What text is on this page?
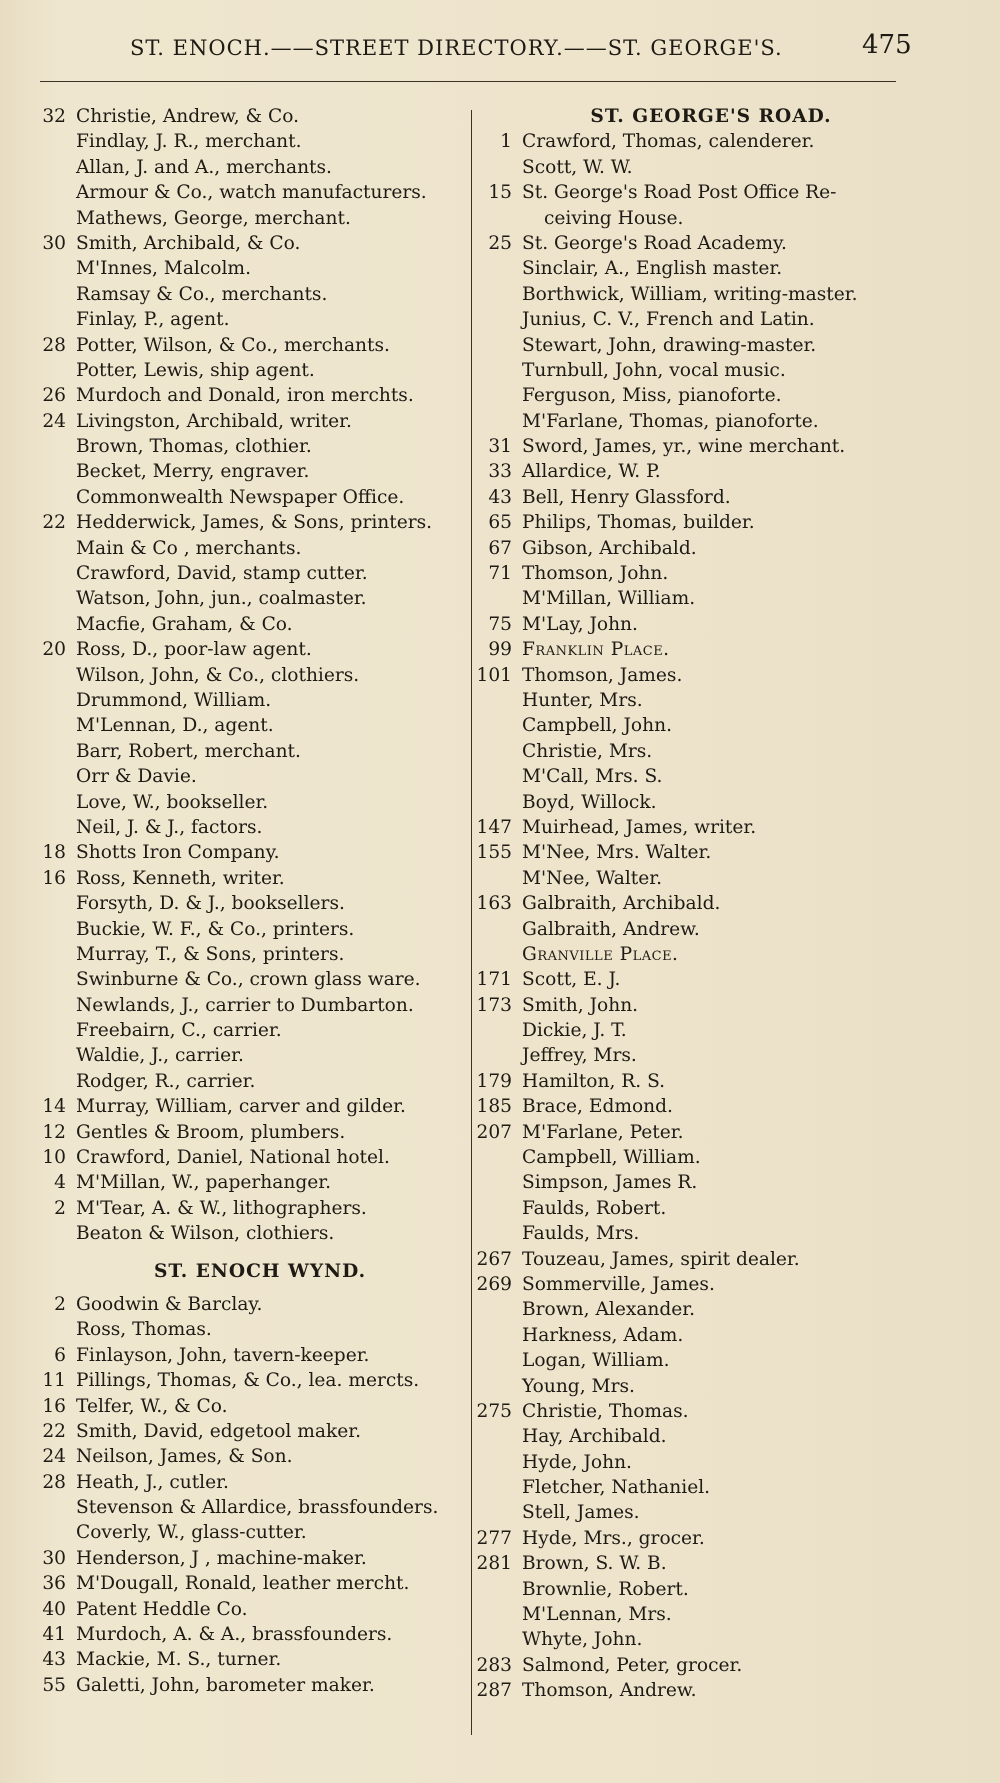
ST. ENOCH.——STREET DIRECTORY.——ST. GEORGE'S.	475
32 Christie, Andrew, & Co.
Findlay, J. R., merchant.
Allan, J. and A., merchants.
Armour & Co., watch manufacturers.
Mathews, George, merchant.
30 Smith, Archibald, & Co.
M'Innes, Malcolm.
Ramsay & Co., merchants.
Finlay, P., agent.
28 Potter, Wilson, & Co., merchants.
Potter, Lewis, ship agent.
26 Murdoch and Donald, iron merchts.
24 Livingston, Archibald, writer.
Brown, Thomas, clothier.
Becket, Merry, engraver.
Commonwealth Newspaper Office.
22 Hedderwick, James, & Sons, printers.
Main & Co , merchants.
Crawford, David, stamp cutter.
Watson, John, jun., coalmaster.
Macfie, Graham, & Co.
20 Ross, D., poor-law agent.
Wilson, John, & Co., clothiers.
Drummond, William.
M'Lennan, D., agent.
Barr, Robert, merchant.
Orr & Davie.
Love, W., bookseller.
Neil, J. & J., factors.
18 Shotts Iron Company.
16 Ross, Kenneth, writer.
Forsyth, D. & J., booksellers.
Buckie, W. F., & Co., printers.
Murray, T., & Sons, printers.
Swinburne & Co., crown glass ware.
Newlands, J., carrier to Dumbarton.
Freebairn, C., carrier.
Waldie, J., carrier.
Rodger, R., carrier.
14 Murray, William, carver and gilder.
12 Gentles & Broom, plumbers.
10 Crawford, Daniel, National hotel.
4 M'Millan, W., paperhanger.
2 M'Tear, A. & W., lithographers.
Beaton & Wilson, clothiers.
ST. ENOCH WYND.
2 Goodwin & Barclay.
Ross, Thomas.
6 Finlayson, John, tavern-keeper.
11 Pillings, Thomas, & Co., lea. mercts.
16 Telfer, W., & Co.
22 Smith, David, edgetool maker.
24 Neilson, James, & Son.
28 Heath, J., cutler.
Stevenson & Allardice, brassfounders.
Coverly, W., glass-cutter.
30 Henderson, J , machine-maker.
36 M'Dougall, Ronald, leather mercht.
40 Patent Heddle Co.
41 Murdoch, A. & A., brassfounders.
43 Mackie, M. S., turner.
55 Galetti, John, barometer maker.
ST. GEORGE'S ROAD.
1 Crawford, Thomas, calenderer.
Scott, W. W.
15 St. George's Road Post Office Re-
ceiving House.
25 St. George's Road Academy.
Sinclair, A., English master.
Borthwick, William, writing-master.
Junius, C. V., French and Latin.
Stewart, John, drawing-master.
Turnbull, John, vocal music.
Ferguson, Miss, pianoforte.
M'Farlane, Thomas, pianoforte.
31 Sword, James, yr., wine merchant.
33 Allardice, W. P.
43 Bell, Henry Glassford.
65 Philips, Thomas, builder.
67 Gibson, Archibald.
71 Thomson, John.
M'Millan, William.
75 M'Lay, John.
99 Franklin Place.
101 Thomson, James.
Hunter, Mrs.
Campbell, John.
Christie, Mrs.
M'Call, Mrs. S.
Boyd, Willock.
147 Muirhead, James, writer.
155 M'Nee, Mrs. Walter.
M'Nee, Walter.
163 Galbraith, Archibald.
Galbraith, Andrew.
Granville Place.
171 Scott, E. J.
173 Smith, John.
Dickie, J. T.
Jeffrey, Mrs.
179 Hamilton, R. S.
185 Brace, Edmond.
207 M'Farlane, Peter.
Campbell, William.
Simpson, James R.
Faulds, Robert.
Faulds, Mrs.
267 Touzeau, James, spirit dealer.
269 Sommerville, James.
Brown, Alexander.
Harkness, Adam.
Logan, William.
Young, Mrs.
275 Christie, Thomas.
Hay, Archibald.
Hyde, John.
Fletcher, Nathaniel.
Stell, James.
277 Hyde, Mrs., grocer.
281 Brown, S. W. B.
Brownlie, Robert.
M'Lennan, Mrs.
Whyte, John.
283 Salmond, Peter, grocer.
287 Thomson, Andrew.
